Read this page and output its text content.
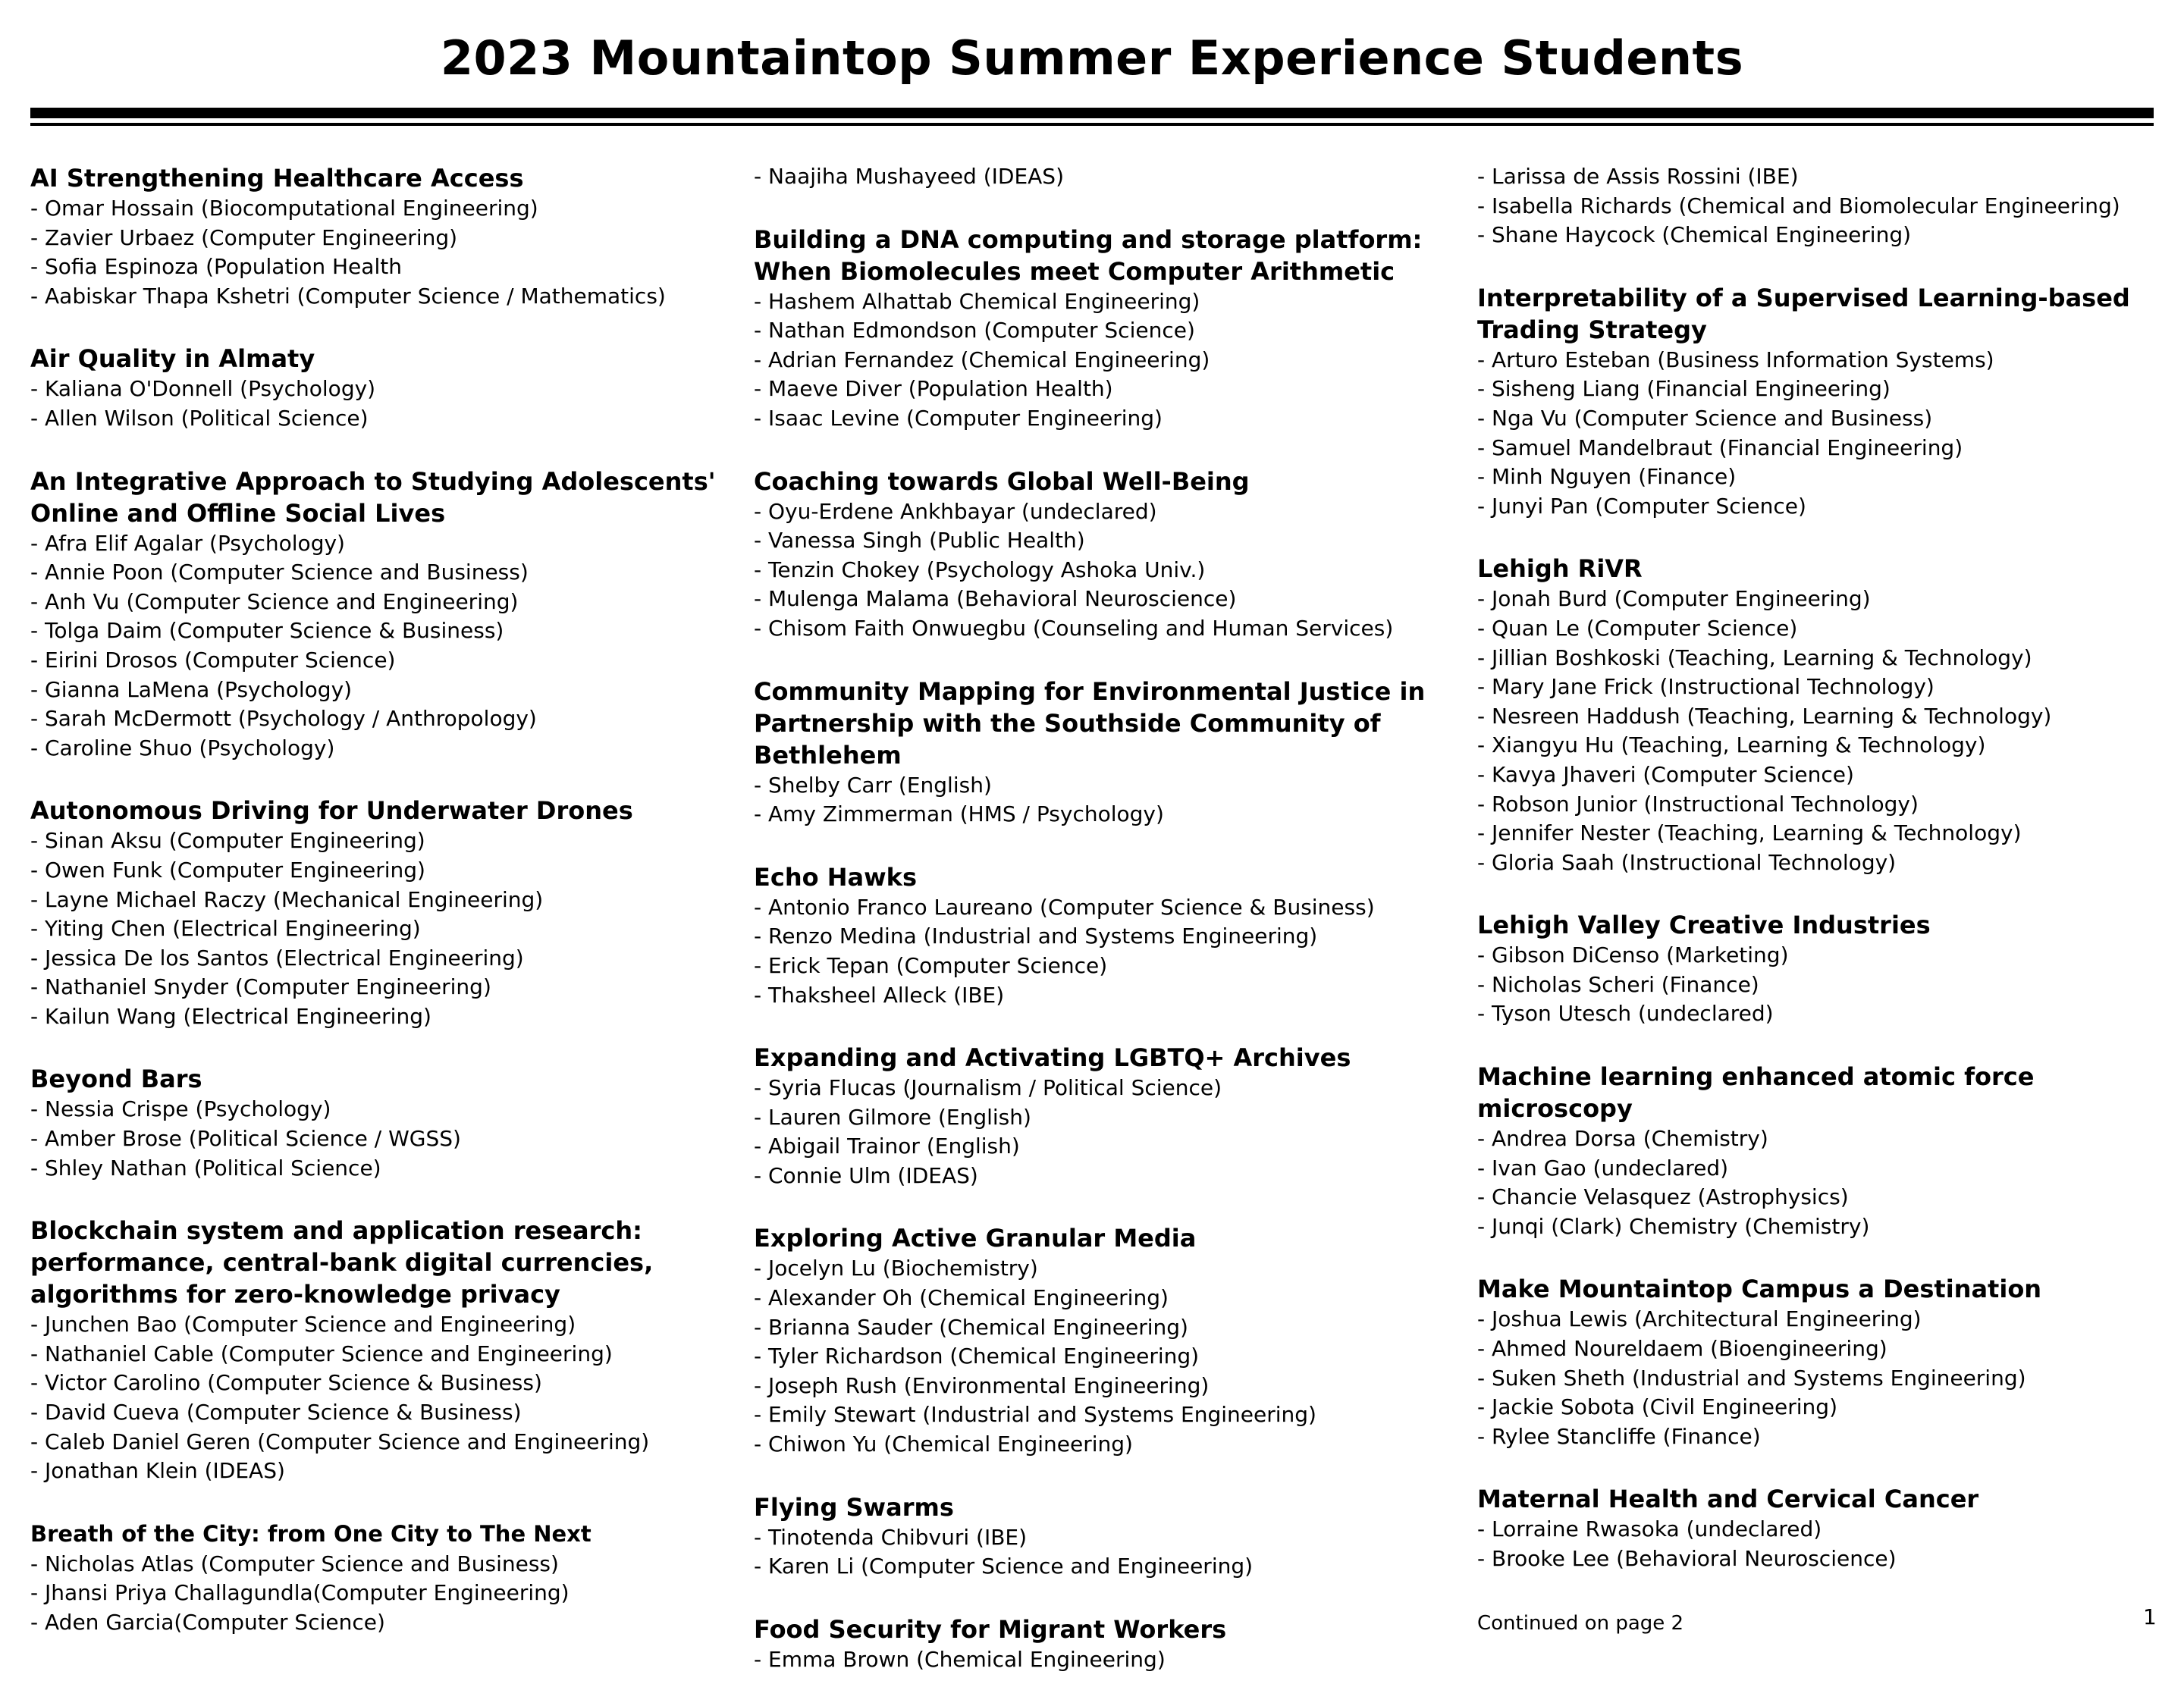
2023 Mountaintop Summer Experience Students
AI Strengthening Healthcare Access
- Omar Hossain (Biocomputational Engineering)
- Zavier Urbaez (Computer Engineering)
- Sofia Espinoza (Population Health
- Aabiskar Thapa Kshetri (Computer Science / Mathematics)
Air Quality in Almaty
- Kaliana O'Donnell (Psychology)
- Allen Wilson (Political Science)
An Integrative Approach to Studying Adolescents' Online and Offline Social Lives
- Afra Elif Agalar (Psychology)
- Annie Poon (Computer Science and Business)
- Anh Vu (Computer Science and Engineering)
- Tolga Daim (Computer Science & Business)
- Eirini Drosos (Computer Science)
- Gianna LaMena (Psychology)
- Sarah McDermott (Psychology / Anthropology)
- Caroline Shuo (Psychology)
Autonomous Driving for Underwater Drones
- Sinan Aksu (Computer Engineering)
- Owen Funk (Computer Engineering)
- Layne Michael Raczy (Mechanical Engineering)
- Yiting Chen (Electrical Engineering)
- Jessica De los Santos (Electrical Engineering)
- Nathaniel Snyder (Computer Engineering)
- Kailun Wang (Electrical Engineering)
Beyond Bars
- Nessia Crispe (Psychology)
- Amber Brose (Political Science / WGSS)
- Shley Nathan (Political Science)
Blockchain system and application research: performance, central-bank digital currencies, algorithms for zero-knowledge privacy
- Junchen Bao (Computer Science and Engineering)
- Nathaniel Cable (Computer Science and Engineering)
- Victor Carolino (Computer Science & Business)
- David Cueva (Computer Science & Business)
- Caleb Daniel Geren (Computer Science and Engineering)
- Jonathan Klein (IDEAS)
Breath of the City: from One City to The Next
- Nicholas Atlas (Computer Science and Business)
- Jhansi Priya Challagundla(Computer Engineering)
- Aden Garcia(Computer Science)
- Naajiha Mushayeed (IDEAS)
Building a DNA computing and storage platform: When Biomolecules meet Computer Arithmetic
- Hashem Alhattab Chemical Engineering)
- Nathan Edmondson (Computer Science)
- Adrian Fernandez (Chemical Engineering)
- Maeve Diver (Population Health)
- Isaac Levine (Computer Engineering)
Coaching towards Global Well-Being
- Oyu-Erdene Ankhbayar (undeclared)
- Vanessa Singh (Public Health)
- Tenzin Chokey (Psychology Ashoka Univ.)
- Mulenga Malama (Behavioral Neuroscience)
- Chisom Faith Onwuegbu (Counseling and Human Services)
Community Mapping for Environmental Justice in Partnership with the Southside Community of Bethlehem
- Shelby Carr (English)
- Amy Zimmerman (HMS / Psychology)
Echo Hawks
- Antonio Franco Laureano (Computer Science & Business)
- Renzo Medina (Industrial and Systems Engineering)
- Erick Tepan (Computer Science)
- Thaksheel Alleck (IBE)
Expanding and Activating LGBTQ+ Archives
- Syria Flucas (Journalism / Political Science)
- Lauren Gilmore (English)
- Abigail Trainor (English)
- Connie Ulm (IDEAS)
Exploring Active Granular Media
- Jocelyn Lu (Biochemistry)
- Alexander Oh (Chemical Engineering)
- Brianna Sauder (Chemical Engineering)
- Tyler Richardson (Chemical Engineering)
- Joseph Rush (Environmental Engineering)
- Emily Stewart (Industrial and Systems Engineering)
- Chiwon Yu (Chemical Engineering)
Flying Swarms
- Tinotenda Chibvuri (IBE)
- Karen Li (Computer Science and Engineering)
Food Security for Migrant Workers
- Emma Brown (Chemical Engineering)
- Larissa de Assis Rossini (IBE)
- Isabella Richards (Chemical and Biomolecular Engineering)
- Shane Haycock (Chemical Engineering)
Interpretability of a Supervised Learning-based Trading Strategy
- Arturo Esteban (Business Information Systems)
- Sisheng Liang (Financial Engineering)
- Nga Vu (Computer Science and Business)
- Samuel Mandelbraut (Financial Engineering)
- Minh Nguyen (Finance)
- Junyi Pan (Computer Science)
Lehigh RiVR
- Jonah Burd (Computer Engineering)
- Quan Le (Computer Science)
- Jillian Boshkoski (Teaching, Learning & Technology)
- Mary Jane Frick (Instructional Technology)
- Nesreen Haddush (Teaching, Learning & Technology)
- Xiangyu Hu (Teaching, Learning & Technology)
- Kavya Jhaveri (Computer Science)
- Robson Junior (Instructional Technology)
- Jennifer Nester (Teaching, Learning & Technology)
- Gloria Saah (Instructional Technology)
Lehigh Valley Creative Industries
- Gibson DiCenso (Marketing)
- Nicholas Scheri (Finance)
- Tyson Utesch (undeclared)
Machine learning enhanced atomic force microscopy
- Andrea Dorsa (Chemistry)
- Ivan Gao (undeclared)
- Chancie Velasquez (Astrophysics)
- Junqi (Clark) Chemistry (Chemistry)
Make Mountaintop Campus a Destination
- Joshua Lewis (Architectural Engineering)
- Ahmed Noureldaem (Bioengineering)
- Suken Sheth (Industrial and Systems Engineering)
- Jackie Sobota (Civil Engineering)
- Rylee Stancliffe (Finance)
Maternal Health and Cervical Cancer
- Lorraine Rwasoka (undeclared)
- Brooke Lee (Behavioral Neuroscience)
Continued on page 2	1
